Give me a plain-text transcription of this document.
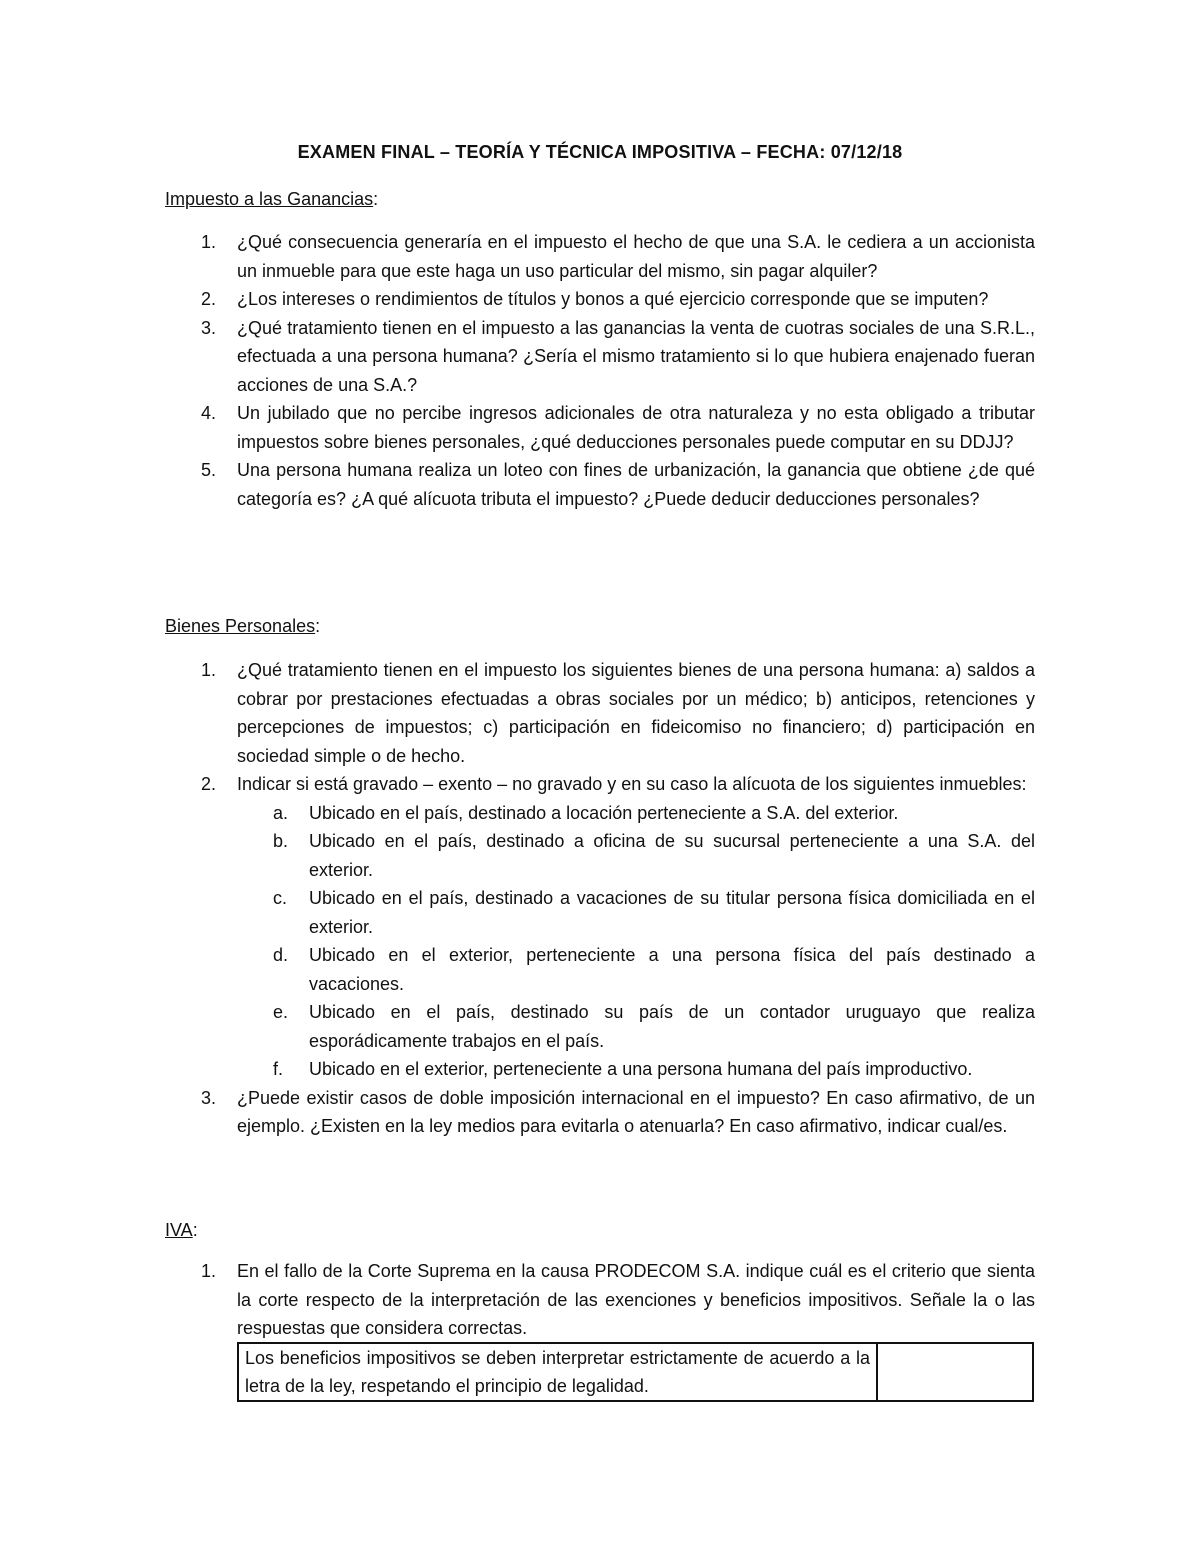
EXAMEN FINAL – TEORÍA Y TÉCNICA IMPOSITIVA – FECHA: 07/12/18
Impuesto a las Ganancias:
1. ¿Qué consecuencia generaría en el impuesto el hecho de que una S.A. le cediera a un accionista un inmueble para que este haga un uso particular del mismo, sin pagar alquiler?
2. ¿Los intereses o rendimientos de títulos y bonos a qué ejercicio corresponde que se imputen?
3. ¿Qué tratamiento tienen en el impuesto a las ganancias la venta de cuotras sociales de una S.R.L., efectuada a una persona humana? ¿Sería el mismo tratamiento si lo que hubiera enajenado fueran acciones de una S.A.?
4. Un jubilado que no percibe ingresos adicionales de otra naturaleza y no esta obligado a tributar impuestos sobre bienes personales, ¿qué deducciones personales puede computar en su DDJJ?
5. Una persona humana realiza un loteo con fines de urbanización, la ganancia que obtiene ¿de qué categoría es? ¿A qué alícuota tributa el impuesto? ¿Puede deducir deducciones personales?
Bienes Personales:
1. ¿Qué tratamiento tienen en el impuesto los siguientes bienes de una persona humana: a) saldos a cobrar por prestaciones efectuadas a obras sociales por un médico; b) anticipos, retenciones y percepciones de impuestos; c) participación en fideicomiso no financiero; d) participación en sociedad simple o de hecho.
2. Indicar si está gravado – exento – no gravado y en su caso la alícuota de los siguientes inmuebles:
a. Ubicado en el país, destinado a locación perteneciente a S.A. del exterior.
b. Ubicado en el país, destinado a oficina de su sucursal perteneciente a una S.A. del exterior.
c. Ubicado en el país, destinado a vacaciones de su titular persona física domiciliada en el exterior.
d. Ubicado en el exterior, perteneciente a una persona física del país destinado a vacaciones.
e. Ubicado en el país, destinado su país de un contador uruguayo que realiza esporádicamente trabajos en el país.
f. Ubicado en el exterior, perteneciente a una persona humana del país improductivo.
3. ¿Puede existir casos de doble imposición internacional en el impuesto? En caso afirmativo, de un ejemplo. ¿Existen en la ley medios para evitarla o atenuarla? En caso afirmativo, indicar cual/es.
IVA:
1. En el fallo de la Corte Suprema en la causa PRODECOM S.A. indique cuál es el criterio que sienta la corte respecto de la interpretación de las exenciones y beneficios impositivos. Señale la o las respuestas que considera correctas.
Los beneficios impositivos se deben interpretar estrictamente de acuerdo a la letra de la ley, respetando el principio de legalidad.	
